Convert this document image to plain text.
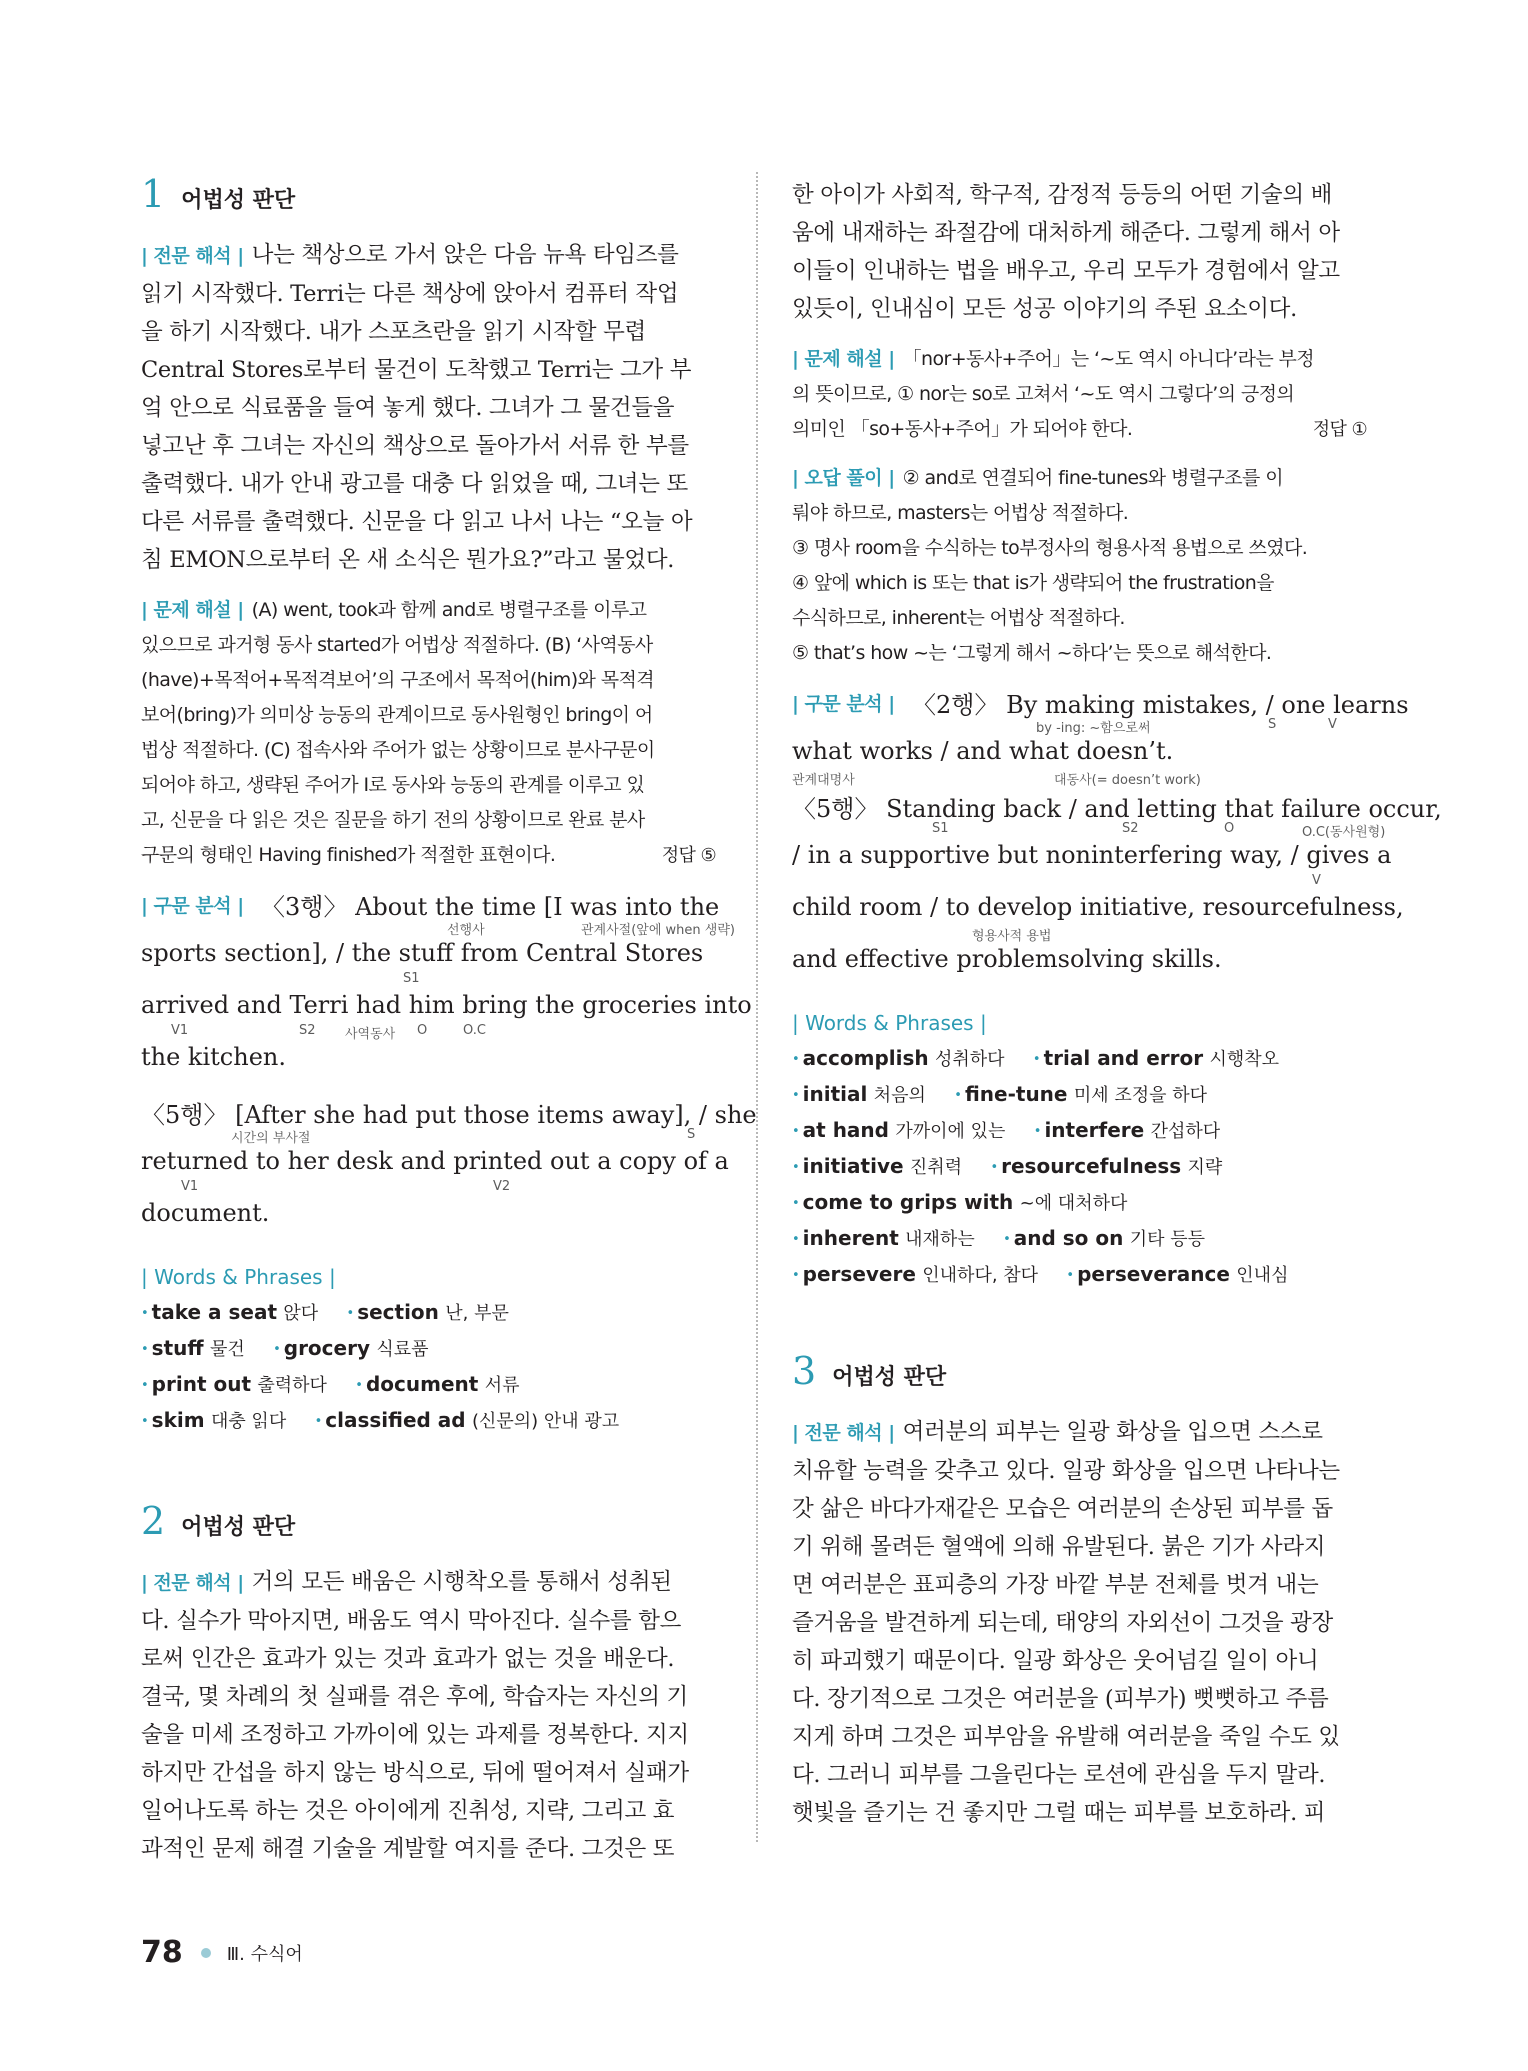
1 어법성 판단
| 전문 해석 | 나는 책상으로 가서 앉은 다음 뉴욕 타임즈를
읽기 시작했다. Terri는 다른 책상에 앉아서 컴퓨터 작업
을 하기 시작했다. 내가 스포츠란을 읽기 시작할 무렵
Central Stores로부터 물건이 도착했고 Terri는 그가 부
엌 안으로 식료품을 들여 놓게 했다. 그녀가 그 물건들을
넣고난 후 그녀는 자신의 책상으로 돌아가서 서류 한 부를
출력했다. 내가 안내 광고를 대충 다 읽었을 때, 그녀는 또
다른 서류를 출력했다. 신문을 다 읽고 나서 나는 “오늘 아
침 EMON으로부터 온 새 소식은 뭔가요?”라고 물었다.
| 문제 해설 | (A) went, took과 함께 and로 병렬구조를 이루고
있으므로 과거형 동사 started가 어법상 적절하다. (B) ‘사역동사
(have)+목적어+목적격보어’의 구조에서 목적어(him)와 목적격
보어(bring)가 의미상 능동의 관계이므로 동사원형인 bring이 어
법상 적절하다. (C) 접속사와 주어가 없는 상황이므로 분사구문이
되어야 하고, 생략된 주어가 I로 동사와 능동의 관계를 이루고 있
고, 신문을 다 읽은 것은 질문을 하기 전의 상황이므로 완료 분사
구문의 형태인 Having finished가 적절한 표현이다.	정답 ⑤
| 구문 분석 | 〈3행〉 About the time [I was into the
선행사	관계사절(앞에 when 생략)
sports section], / the stuff from Central Stores
S1
arrived and Terri had him bring the groceries into
V1	S2 사역동사 O	O.C
the kitchen.
〈5행〉 [After she had put those items away], / she
시간의 부사절	S
returned to her desk and printed out a copy of a
V1	V2
document.
| Words & Phrases |
• take a seat 앉다 • section 난, 부문
• stuff 물건 • grocery 식료품
• print out 출력하다 • document 서류
• skim 대충 읽다 • classified ad (신문의) 안내 광고
2 어법성 판단
| 전문 해석 | 거의 모든 배움은 시행착오를 통해서 성취된
다. 실수가 막아지면, 배움도 역시 막아진다. 실수를 함으
로써 인간은 효과가 있는 것과 효과가 없는 것을 배운다.
결국, 몇 차례의 첫 실패를 겪은 후에, 학습자는 자신의 기
술을 미세 조정하고 가까이에 있는 과제를 정복한다. 지지
하지만 간섭을 하지 않는 방식으로, 뒤에 떨어져서 실패가
일어나도록 하는 것은 아이에게 진취성, 지략, 그리고 효
과적인 문제 해결 기술을 계발할 여지를 준다. 그것은 또
한 아이가 사회적, 학구적, 감정적 등등의 어떤 기술의 배
움에 내재하는 좌절감에 대처하게 해준다. 그렇게 해서 아
이들이 인내하는 법을 배우고, 우리 모두가 경험에서 알고
있듯이, 인내심이 모든 성공 이야기의 주된 요소이다.
| 문제 해설 | 「nor+동사+주어」는 ‘~도 역시 아니다’라는 부정
의 뜻이므로, ① nor는 so로 고쳐서 ‘~도 역시 그렇다’의 긍정의
의미인 「so+동사+주어」가 되어야 한다.	정답 ①
| 오답 풀이 | ② and로 연결되어 fine-tunes와 병렬구조를 이
뤄야 하므로, masters는 어법상 적절하다.
③ 명사 room을 수식하는 to부정사의 형용사적 용법으로 쓰였다.
④ 앞에 which is 또는 that is가 생략되어 the frustration을
수식하므로, inherent는 어법상 적절하다.
⑤ that’s how ~는 ‘그렇게 해서 ~하다’는 뜻으로 해석한다.
| 구문 분석 | 〈2행〉 By making mistakes, / one learns
by -ing: ~함으로써	S	V
what works / and what doesn’t.
관계대명사	대동사(= doesn’t work)
〈5행〉 Standing back / and letting that failure occur,
S1	S2	O	O.C(동사원형)
/ in a supportive but noninterfering way, / gives a
V
child room / to develop initiative, resourcefulness,
형용사적 용법
and effective problemsolving skills.
| Words & Phrases |
• accomplish 성취하다 • trial and error 시행착오
• initial 처음의 • fine-tune 미세 조정을 하다
• at hand 가까이에 있는 • interfere 간섭하다
• initiative 진취력 • resourcefulness 지략
• come to grips with ~에 대처하다
• inherent 내재하는 • and so on 기타 등등
• persevere 인내하다, 참다 • perseverance 인내심
3 어법성 판단
| 전문 해석 | 여러분의 피부는 일광 화상을 입으면 스스로
치유할 능력을 갖추고 있다. 일광 화상을 입으면 나타나는
갓 삶은 바다가재같은 모습은 여러분의 손상된 피부를 돕
기 위해 몰려든 혈액에 의해 유발된다. 붉은 기가 사라지
면 여러분은 표피층의 가장 바깥 부분 전체를 벗겨 내는
즐거움을 발견하게 되는데, 태양의 자외선이 그것을 광장
히 파괴했기 때문이다. 일광 화상은 웃어넘길 일이 아니
다. 장기적으로 그것은 여러분을 (피부가) 뻣뻣하고 주름
지게 하며 그것은 피부암을 유발해 여러분을 죽일 수도 있
다. 그러니 피부를 그을린다는 로션에 관심을 두지 말라.
햇빛을 즐기는 건 좋지만 그럴 때는 피부를 보호하라. 피
78 Ⅲ. 수식어
